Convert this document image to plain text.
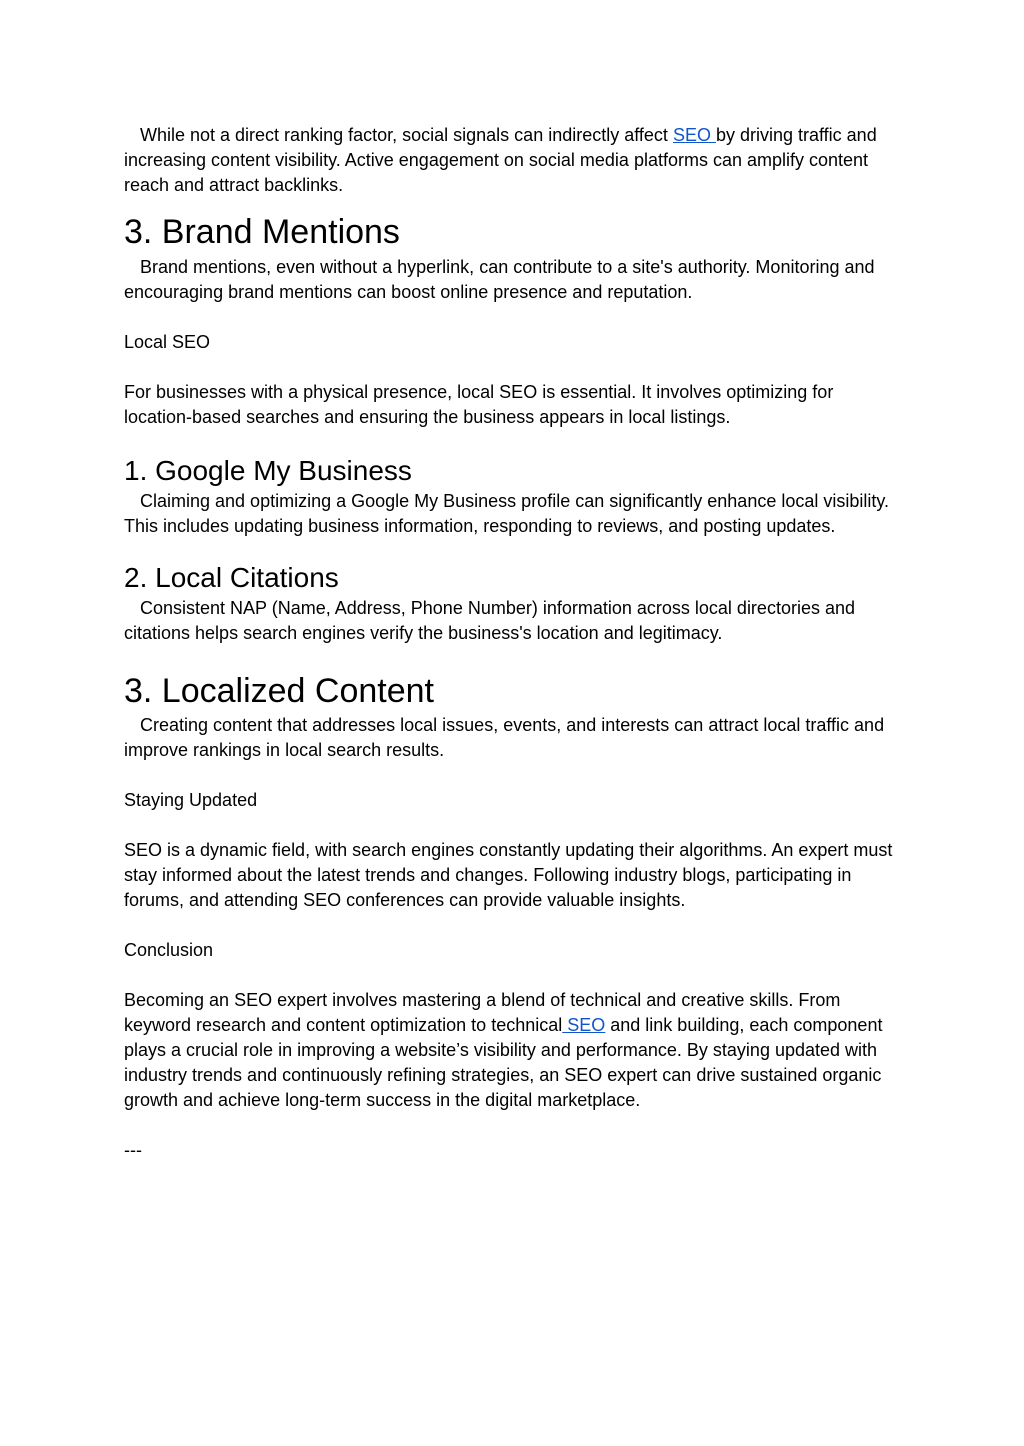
While not a direct ranking factor, social signals can indirectly affect SEO by driving traffic and increasing content visibility. Active engagement on social media platforms can amplify content reach and attract backlinks.

3. Brand Mentions

Brand mentions, even without a hyperlink, can contribute to a site's authority. Monitoring and encouraging brand mentions can boost online presence and reputation.

Local SEO

For businesses with a physical presence, local SEO is essential. It involves optimizing for location-based searches and ensuring the business appears in local listings.

1. Google My Business

Claiming and optimizing a Google My Business profile can significantly enhance local visibility. This includes updating business information, responding to reviews, and posting updates.

2. Local Citations

Consistent NAP (Name, Address, Phone Number) information across local directories and citations helps search engines verify the business's location and legitimacy.

3. Localized Content

Creating content that addresses local issues, events, and interests can attract local traffic and improve rankings in local search results.

Staying Updated

SEO is a dynamic field, with search engines constantly updating their algorithms. An expert must stay informed about the latest trends and changes. Following industry blogs, participating in forums, and attending SEO conferences can provide valuable insights.

Conclusion

Becoming an SEO expert involves mastering a blend of technical and creative skills. From keyword research and content optimization to technical SEO and link building, each component plays a crucial role in improving a website’s visibility and performance. By staying updated with industry trends and continuously refining strategies, an SEO expert can drive sustained organic growth and achieve long-term success in the digital marketplace.

---
